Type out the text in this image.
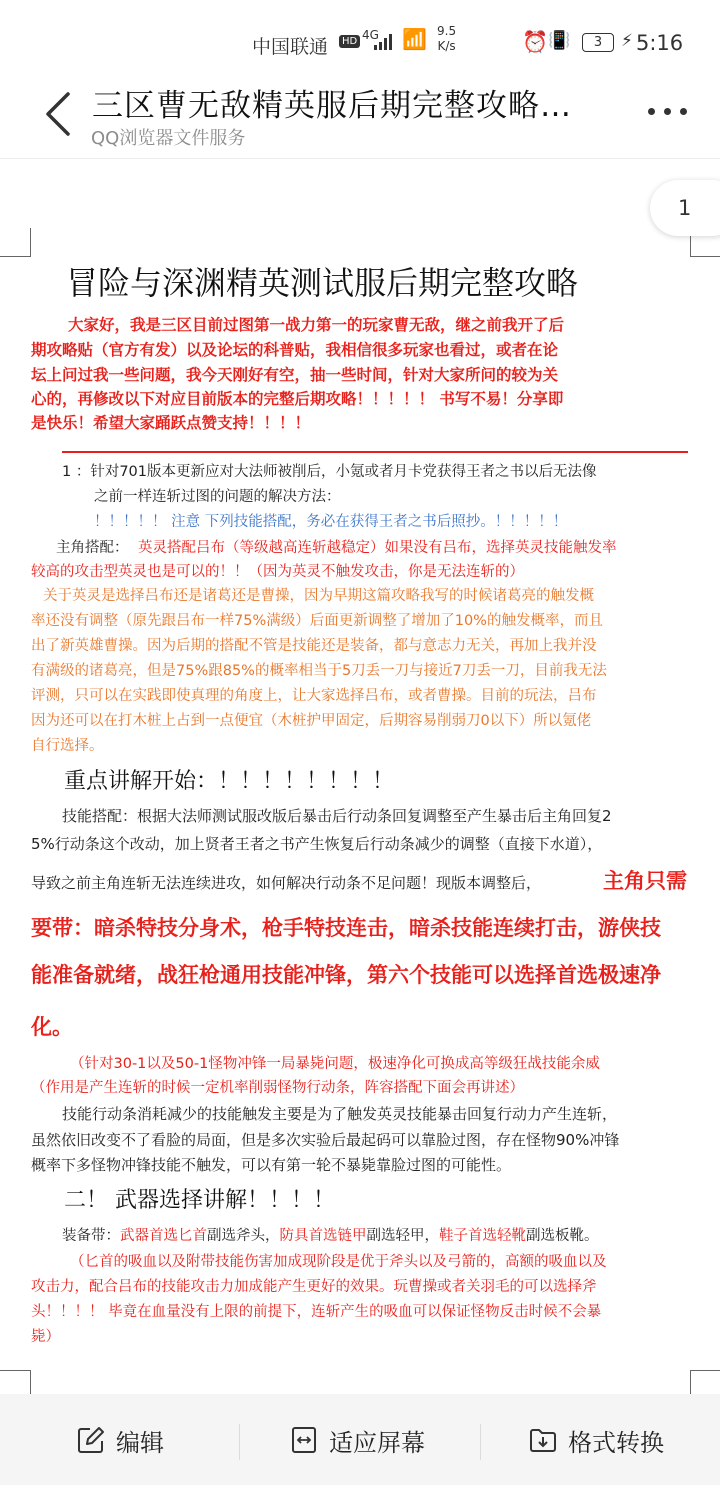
中国联通	HD 4G 📶 9.5
K/s	⏰ 📳	3	⚡ 5:16
三区曹无敌精英服后期完整攻略…
QQ浏览器文件服务
1
冒险与深渊精英测试服后期完整攻略
大家好，我是三区目前过图第一战力第一的玩家曹无敌，继之前我开了后
期攻略贴（官方有发）以及论坛的科普贴，我相信很多玩家也看过，或者在论
坛上问过我一些问题，我今天刚好有空，抽一些时间，针对大家所问的较为关
心的，再修改以下对应目前版本的完整后期攻略！！！！！ 书写不易！分享即
是快乐！希望大家踊跃点赞支持！！！！
1 ：针对701版本更新应对大法师被削后，小氪或者月卡党获得王者之书以后无法像
之前一样连斩过图的问题的解决方法：
！！！！！ 注意 下列技能搭配，务必在获得王者之书后照抄。！！！！！
主角搭配： 英灵搭配吕布（等级越高连斩越稳定）如果没有吕布，选择英灵技能触发率
较高的攻击型英灵也是可以的！！（因为英灵不触发攻击，你是无法连斩的）
关于英灵是选择吕布还是诸葛还是曹操，因为早期这篇攻略我写的时候诸葛亮的触发概
率还没有调整（原先跟吕布一样75%满级）后面更新调整了增加了10%的触发概率，而且
出了新英雄曹操。因为后期的搭配不管是技能还是装备，都与意志力无关，再加上我并没
有满级的诸葛亮，但是75%跟85%的概率相当于5刀丢一刀与接近7刀丢一刀，目前我无法
评测，只可以在实践即使真理的角度上，让大家选择吕布，或者曹操。目前的玩法，吕布
因为还可以在打木桩上占到一点便宜（木桩护甲固定，后期容易削弱刀0以下）所以氪佬
自行选择。
重点讲解开始：！！！！！！！！
技能搭配：根据大法师测试服改版后暴击后行动条回复调整至产生暴击后主角回复2
5%行动条这个改动，加上贤者王者之书产生恢复后行动条减少的调整（直接下水道），
导致之前主角连斩无法连续进攻，如何解决行动条不足问题！现版本调整后，	主角只需
要带：暗杀特技分身术，枪手特技连击，暗杀技能连续打击，游侠技
能准备就绪，战狂枪通用技能冲锋，第六个技能可以选择首选极速净
化。
（针对30-1以及50-1怪物冲锋一局暴毙问题，极速净化可换成高等级狂战技能余威
（作用是产生连斩的时候一定机率削弱怪物行动条，阵容搭配下面会再讲述）
技能行动条消耗减少的技能触发主要是为了触发英灵技能暴击回复行动力产生连斩，
虽然依旧改变不了看脸的局面，但是多次实验后最起码可以靠脸过图，存在怪物90%冲锋
概率下多怪物冲锋技能不触发，可以有第一轮不暴毙靠脸过图的可能性。
二！ 武器选择讲解！！！！
装备带：武器首选匕首副选斧头，防具首选链甲副选轻甲，鞋子首选轻靴副选板靴。
（匕首的吸血以及附带技能伤害加成现阶段是优于斧头以及弓箭的，高额的吸血以及
攻击力，配合吕布的技能攻击力加成能产生更好的效果。玩曹操或者关羽毛的可以选择斧
头！！！！ 毕竟在血量没有上限的前提下，连斩产生的吸血可以保证怪物反击时候不会暴
毙）
编辑	适应屏幕	格式转换
